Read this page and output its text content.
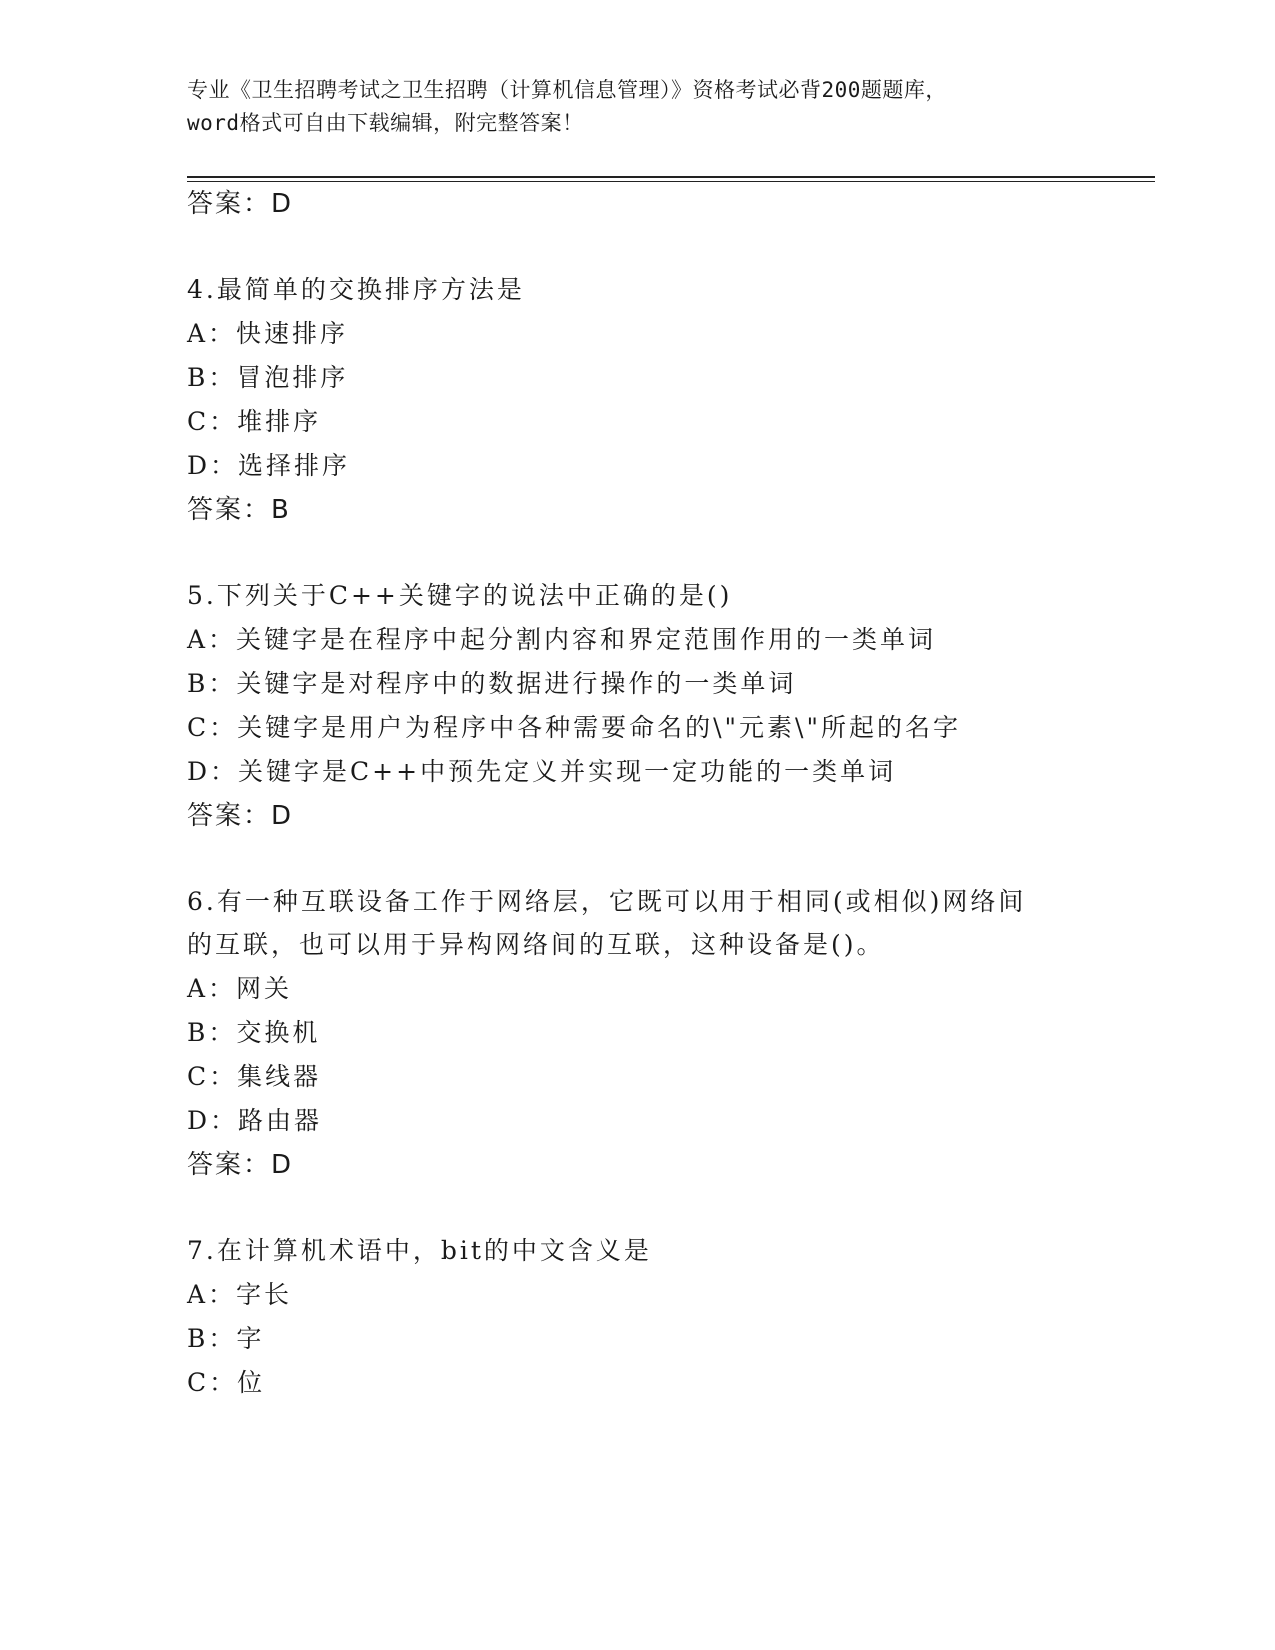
专业《卫生招聘考试之卫生招聘（计算机信息管理）》资格考试必背200题题库，
word格式可自由下载编辑，附完整答案！
答案：D
4.最简单的交换排序方法是
A：快速排序
B：冒泡排序
C：堆排序
D：选择排序
答案：B
5.下列关于C++关键字的说法中正确的是()
A：关键字是在程序中起分割内容和界定范围作用的一类单词
B：关键字是对程序中的数据进行操作的一类单词
C：关键字是用户为程序中各种需要命名的\"元素\"所起的名字
D：关键字是C++中预先定义并实现一定功能的一类单词
答案：D
6.有一种互联设备工作于网络层，它既可以用于相同(或相似)网络间
的互联，也可以用于异构网络间的互联，这种设备是()。
A：网关
B：交换机
C：集线器
D：路由器
答案：D
7.在计算机术语中，bit的中文含义是
A：字长
B：字
C：位
